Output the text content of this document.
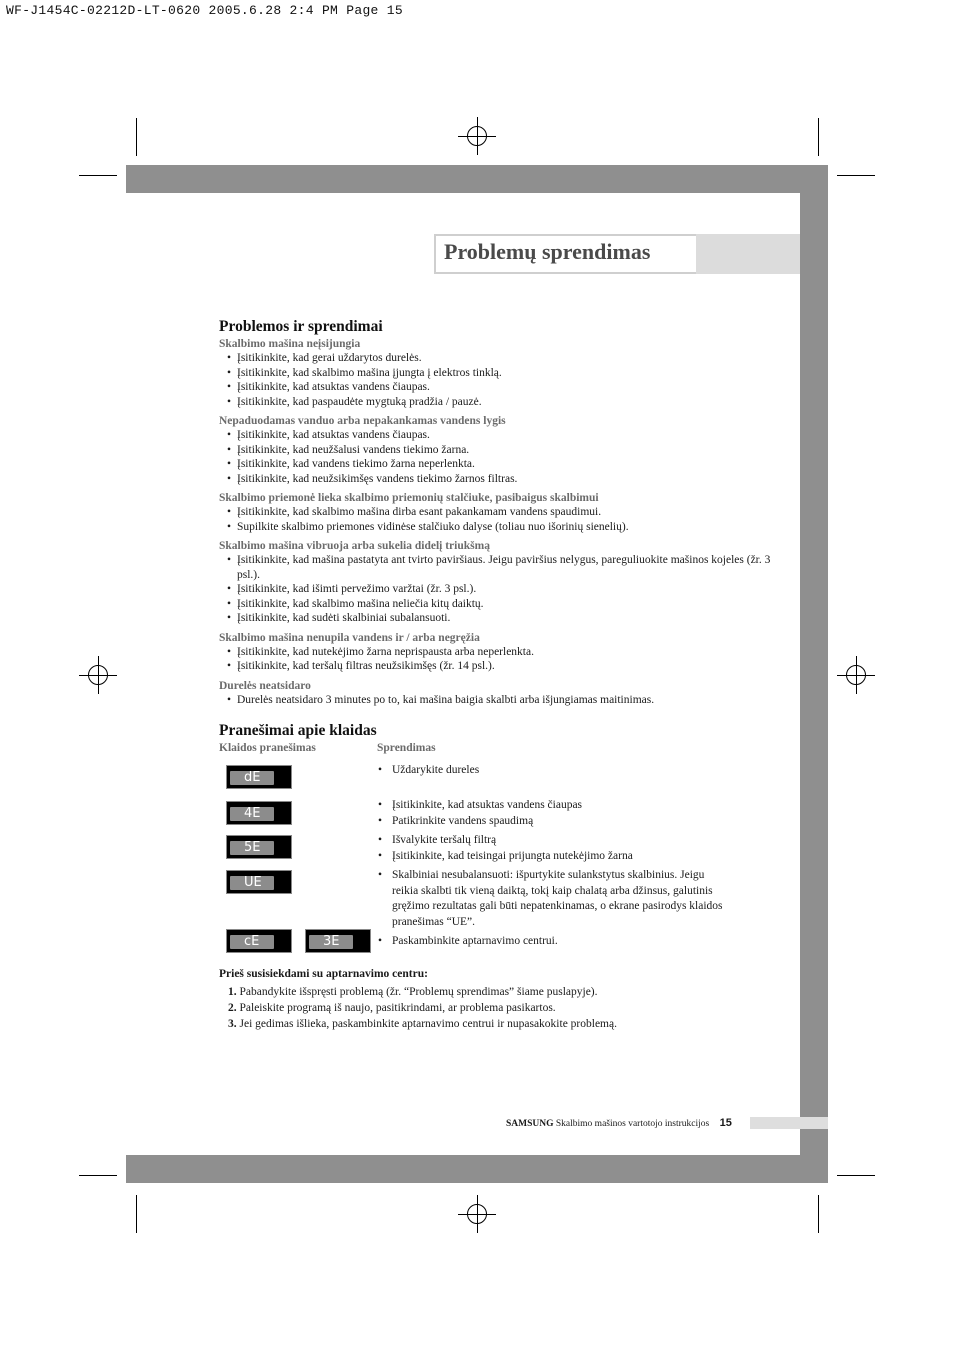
WF-J1454C-02212D-LT-0620 2005.6.28 2:4 PM Page 15
Problemų sprendimas
Problemos ir sprendimai

Skalbimo mašina neįsijungia

• Įsitikinkite, kad gerai uždarytos durelės.
• Įsitikinkite, kad skalbimo mašina įjungta į elektros tinklą.
• Įsitikinkite, kad atsuktas vandens čiaupas.
• Įsitikinkite, kad paspaudėte mygtuką pradžia / pauzė.

Nepaduodamas vanduo arba nepakankamas vandens lygis

• Įsitikinkite, kad atsuktas vandens čiaupas.
• Įsitikinkite, kad neužšalusi vandens tiekimo žarna.
• Įsitikinkite, kad vandens tiekimo žarna neperlenkta.
• Įsitikinkite, kad neužsikimšęs vandens tiekimo žarnos filtras.

Skalbimo priemonė lieka skalbimo priemonių stalčiuke, pasibaigus skalbimui

• Įsitikinkite, kad skalbimo mašina dirba esant pakankamam vandens spaudimui.
• Supilkite skalbimo priemones vidinėse stalčiuko dalyse (toliau nuo išorinių sienelių).

Skalbimo mašina vibruoja arba sukelia didelį triukšmą

• Įsitikinkite, kad mašina pastatyta ant tvirto paviršiaus. Jeigu paviršius nelygus, pareguliuokite mašinos kojeles (žr. 3 psl.).
• Įsitikinkite, kad išimti pervežimo varžtai (žr. 3 psl.).
• Įsitikinkite, kad skalbimo mašina neliečia kitų daiktų.
• Įsitikinkite, kad sudėti skalbiniai subalansuoti.

Skalbimo mašina nenupila vandens ir / arba negręžia

• Įsitikinkite, kad nutekėjimo žarna neprispausta arba neperlenkta.
• Įsitikinkite, kad teršalų filtras neužsikimšęs (žr. 14 psl.).

Durelės neatsidaro

• Durelės neatsidaro 3 minutes po to, kai mašina baigia skalbti arba išjungiamas maitinimas.
Pranešimai apie klaidas
Klaidos pranešimas	Sprendimas
dE
4E
5E
UE
cE	3E
• Uždarykite dureles
• Įsitikinkite, kad atsuktas vandens čiaupas
• Patikrinkite vandens spaudimą
• Išvalykite teršalų filtrą
• Įsitikinkite, kad teisingai prijungta nutekėjimo žarna
• Skalbiniai nesubalansuoti: išpurtykite sulankstytus skalbinius. Jeigu reikia skalbti tik vieną daiktą, tokį kaip chalatą arba džinsus, galutinis gręžimo rezultatas gali būti nepatenkinamas, o ekrane pasirodys klaidos pranešimas “UE”.
• Paskambinkite aptarnavimo centrui.
Prieš susisiekdami su aptarnavimo centru:
1. Pabandykite išspręsti problemą (žr. “Problemų sprendimas” šiame puslapyje).
2. Paleiskite programą iš naujo, pasitikrindami, ar problema pasikartos.
3. Jei gedimas išlieka, paskambinkite aptarnavimo centrui ir nupasakokite problemą.
SAMSUNG Skalbimo mašinos vartotojo instrukcijos 15
